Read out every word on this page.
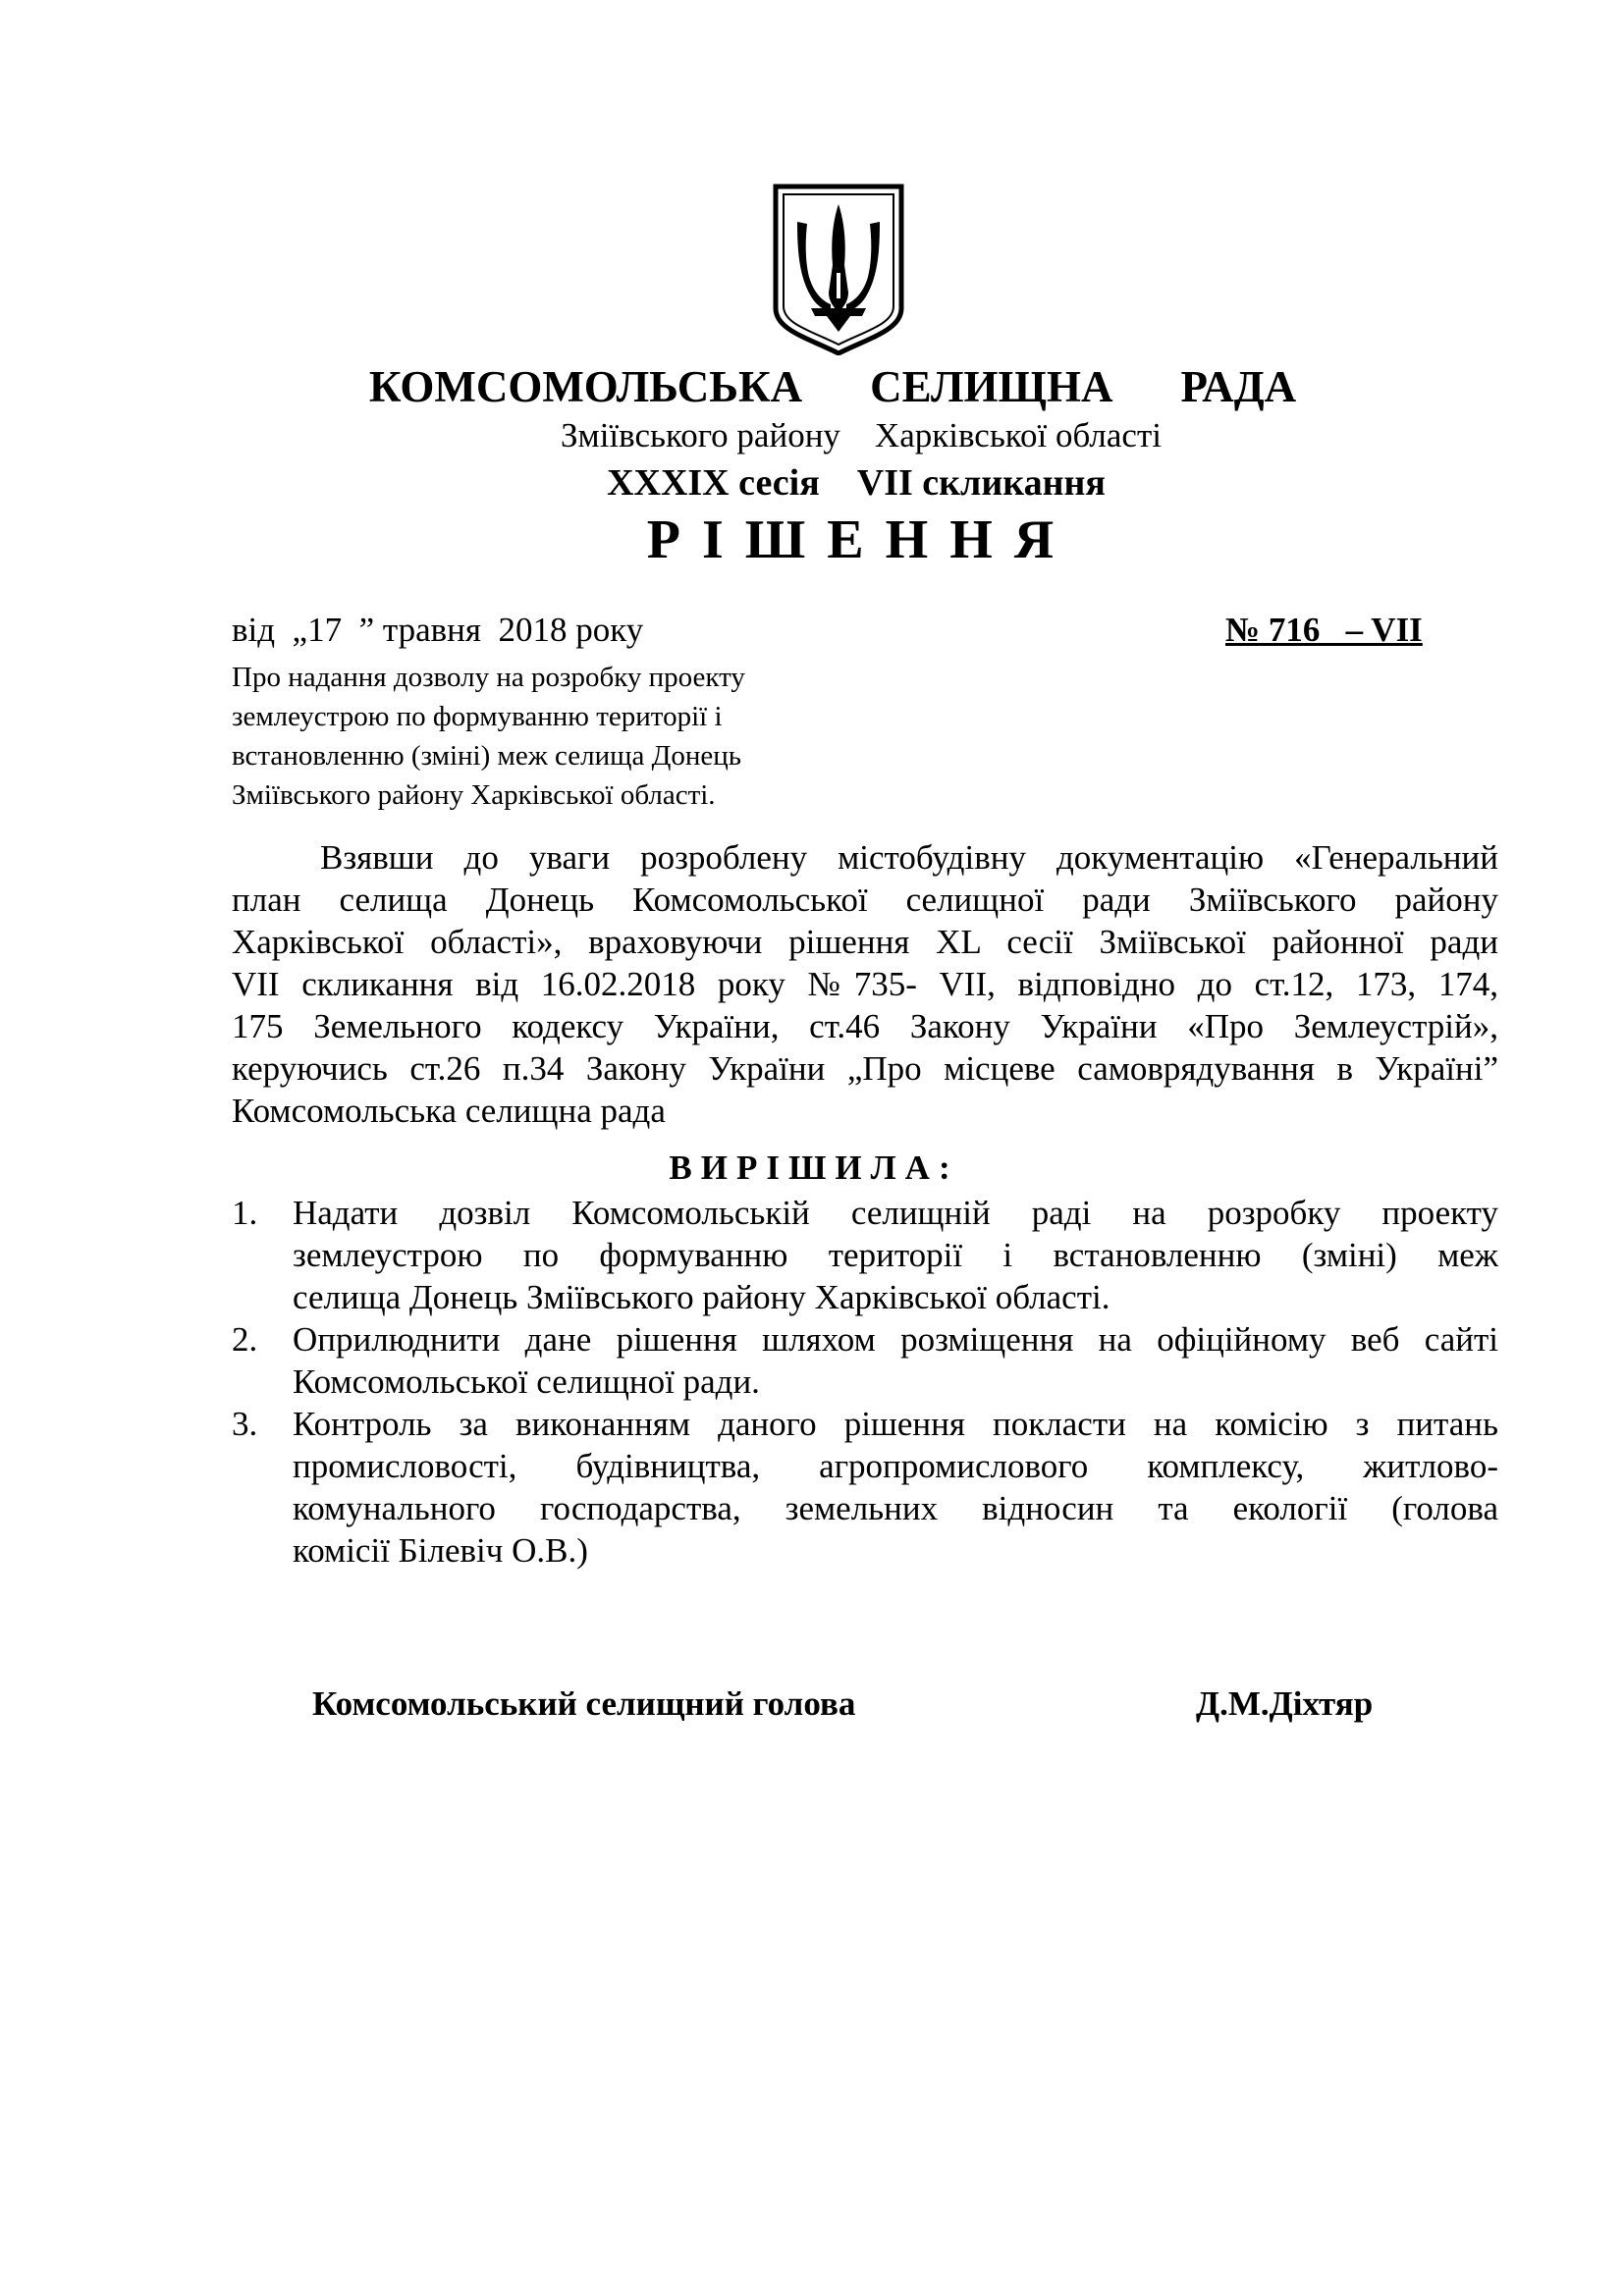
КОМСОМОЛЬСЬКА    СЕЛИЩНА    РАДА
Зміївського району    Харківської області
XXXIX сесія    VII скликання
РІШЕННЯ
від  „17  ” травня  2018 року	№ 716   – VII
Про надання дозволу на розробку проекту
землеустрою по формуванню території і
встановленню (зміні) меж селища Донець
Зміївського району Харківської області.
Взявши до уваги розроблену містобудівну документацію «Генеральний
план селища Донець Комсомольської селищної ради Зміївського району
Харківської області», враховуючи рішення XL сесії Зміївської районної ради
VII скликання від 16.02.2018 року №735- VII, відповідно до ст.12, 173, 174,
175 Земельного кодексу України, ст.46 Закону України «Про Землеустрій»,
керуючись ст.26 п.34 Закону України „Про місцеве самоврядування в Україні”
Комсомольська селищна рада
ВИРІШИЛА:
1. Надати дозвіл Комсомольській селищній раді на розробку проекту
землеустрою по формуванню території і встановленню (зміні) меж
селища Донець Зміївського району Харківської області.
2. Оприлюднити дане рішення шляхом розміщення на офіційному веб сайті
Комсомольської селищної ради.
3. Контроль за виконанням даного рішення покласти на комісію з питань
промисловості, будівництва, агропромислового комплексу, житлово-
комунального господарства, земельних відносин та екології (голова
комісії Білевіч О.В.)
Комсомольський селищний голова	Д.М.Діхтяр
